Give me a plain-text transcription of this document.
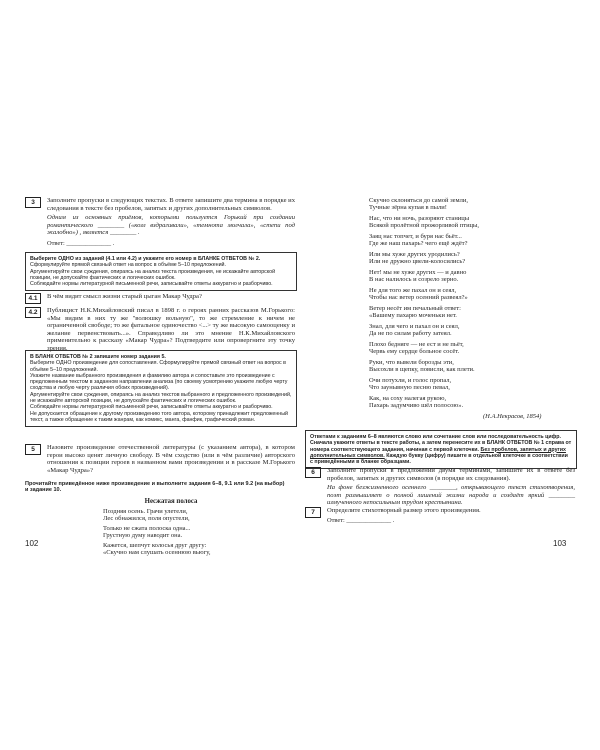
3	Заполните пропуски в следующих текстах. В ответе запишите два термина в порядке их следования в тексте без пробелов, запятых и других дополнительных символов.
Одним из основных приёмов, которыми пользуется Горький при создании романтического ________ («козл вздрагивали», «темнота молчала», «степи под жалобно») , является ________ .
Ответ: ______________ .
Выберите ОДНО из заданий (4.1 или 4.2) и укажите его номер в БЛАНКЕ ОТВЕТОВ № 2.
Сформулируйте прямой связный ответ на вопрос в объёме 5–10 предложений.
Аргументируйте свои суждения, опираясь на анализ текста произведения, не искажайте авторской позиции, не допускайте фактических и логических ошибок.
Соблюдайте нормы литературной письменной речи, записывайте ответы аккуратно и разборчиво.
4.1	В чём видит смысл жизни старый цыган Макар Чудра?
4.2	Публицист Н.К.Михайловский писал в 1898 г. о героях ранних рассказов М.Горького: «Мы видим в них ту же "волюшку вольную", то же стремление к ничем не ограниченной свободе; то же фатальное одиночество <...> ту же высокую самооценку и желание первенствовать...». Справедливо ли это мнение Н.К.Михайловского применительно к рассказу «Макар Чудра»? Подтвердите или опровергните эту точку зрения.
В БЛАНК ОТВЕТОВ № 2 запишите номер задания 5.
Выберите ОДНО произведение для сопоставления. Сформулируйте прямой связный ответ на вопрос в объёме 5–10 предложений.
Укажите название выбранного произведения и фамилию автора и сопоставьте это произведение с предложенным текстом в заданном направлении анализа (по своему усмотрению укажите любую черту сходства и любую черту различия обоих произведений).
Аргументируйте свои суждения, опираясь на анализ текстов выбранного и предложенного произведений, не искажайте авторской позиции, не допускайте фактических и логических ошибок.
Соблюдайте нормы литературной письменной речи, записывайте ответы аккуратно и разборчиво.
Не допускается обращение к другому произведению того автора, которому принадлежит предложенный текст, а также обращение к таким жанрам, как комикс, манга, фанфик, графический роман.
5	Назовите произведение отечественной литературы (с указанием автора), в котором герои высоко ценят личную свободу. В чём сходство (или в чём различие) авторского отношения к позиции героев в названном вами произведении и в рассказе М.Горького «Макар Чудра»?
Прочитайте приведённое ниже произведение и выполните задания 6–8, 9.1 или 9.2 (на выбор) и задание 10.
Несжатая полоса
Поздняя осень. Грачи улетели,
Лес обнажился, поля опустели,
Только не сжата полоска одна...
Грустную думу наводит она.
Кажется, шепчут колосья друг другу:
«Скучно нам слушать осеннюю вьюгу,
102
Скучно склоняться до самой земли,
Тучные зёрна купая в пыли!
Нас, что ни ночь, разоряют станицы
Всякой пролётной прожорливой птицы,
Заяц нас топчет, и буря нас бьёт...
Где же наш пахарь? чего ещё ждёт?
Или мы хуже других уродились?
Или не дружно цвели-колосились?
Нет! мы не хуже других — и давно
В нас налилось и созрело зерно.
Не для того же пахал он и сеял,
Чтобы нас ветер осенний развеял?»
Ветер несёт им печальный ответ:
«Вашему пахарю моченьки нет.
Знал, для чего и пахал он и сеял,
Да не по силам работу затеял.
Плохо бедняге — не ест и не пьёт,
Червь ему сердце больное сосёт.
Руки, что вывели борозды эти,
Высохли в щепку, повисли, как плети.
Очи потухли, и голос пропал,
Что заунывную песню певал,
Как, на соху налегая рукою,
Пахарь задумчиво шёл полосою».
(Н.А.Некрасов, 1854)
Ответами к заданиям 6–8 являются слово или сочетание слов или последовательность цифр. Сначала укажите ответы в тексте работы, а затем перенесите их в БЛАНК ОТВЕТОВ № 1 справа от номера соответствующего задания, начиная с первой клеточки. Без пробелов, запятых и других дополнительных символов. Каждую букву (цифру) пишите в отдельной клеточке в соответствии с приведёнными в бланке образцами.
6	Заполните пропуски в предложении двумя терминами, запишите их в ответе без пробелов, запятых и других символов (в порядке их следования).
На фоне безжизненного осеннего ________, открывающего текст стихотворения, поэт размышляет о полной лишений жизни народа и создаёт яркий ________ измученного непосильным трудом крестьянина.
7	Определите стихотворный размер этого произведения.
Ответ: ______________ .
103
